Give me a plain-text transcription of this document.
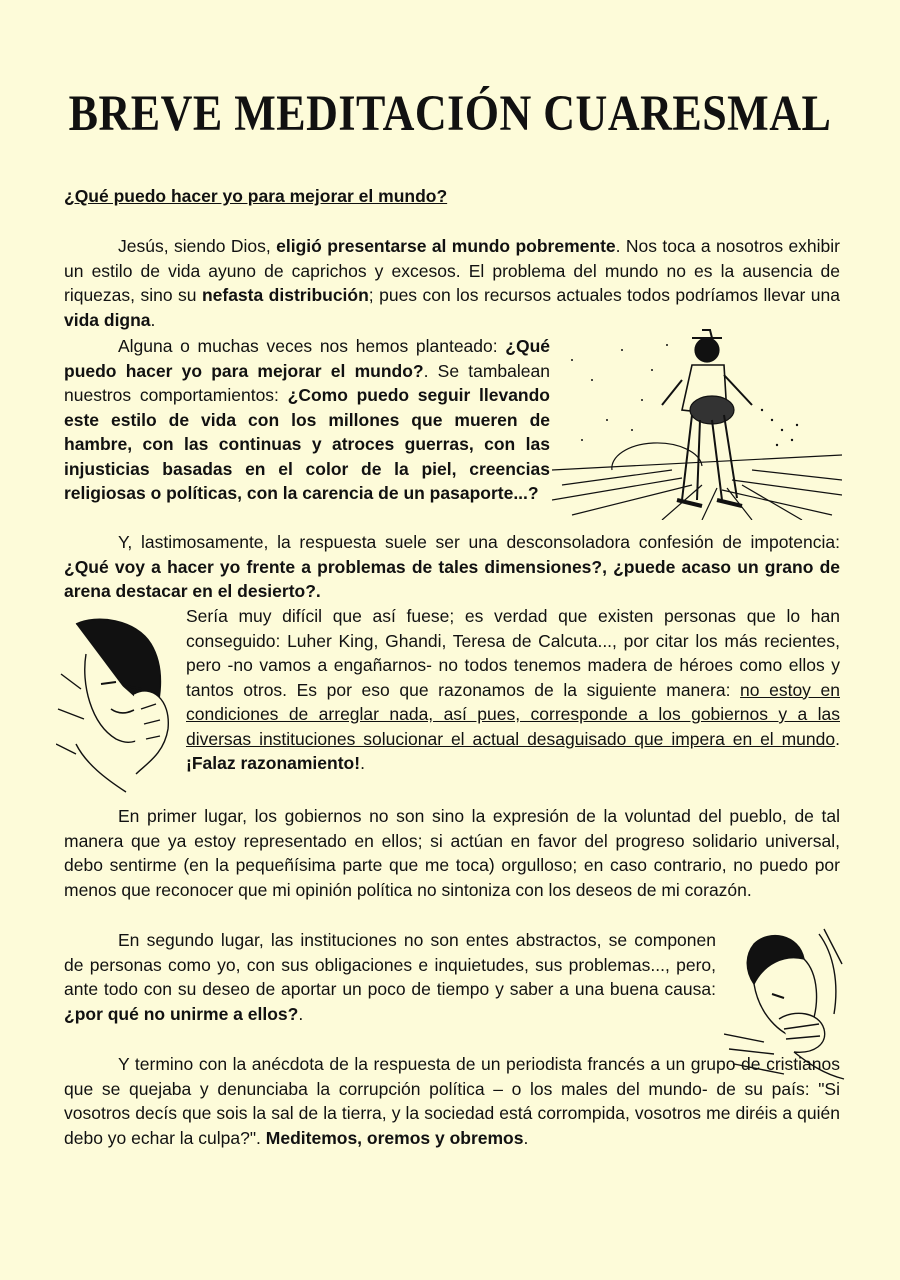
BREVE MEDITACIÓN CUARESMAL
¿Qué puedo hacer yo para mejorar el mundo?

Jesús, siendo Dios, eligió presentarse al mundo pobremente. Nos toca a nosotros exhibir un estilo de vida ayuno de caprichos y excesos. El problema del mundo no es la ausencia de riquezas, sino su nefasta distribución; pues con los recursos actuales todos podríamos llevar una vida digna.

Alguna o muchas veces nos hemos planteado: ¿Qué puedo hacer yo para mejorar el mundo?. Se tambalean nuestros comportamientos: ¿Como puedo seguir llevando este estilo de vida con los millones que mueren de hambre, con las continuas y atroces guerras, con las injusticias basadas en el color de la piel, creencias religiosas o políticas, con la carencia de un pasaporte...?

Y, lastimosamente, la respuesta suele ser una desconsoladora confesión de impotencia: ¿Qué voy a hacer yo frente a problemas de tales dimensiones?, ¿puede acaso un grano de arena destacar en el desierto?.

Sería muy difícil que así fuese; es verdad que existen personas que lo han conseguido: Luher King, Ghandi, Teresa de Calcuta..., por citar los más recientes, pero -no vamos a engañarnos- no todos tenemos madera de héroes como ellos y tantos otros. Es por eso que razonamos de la siguiente manera: no estoy en condiciones de arreglar nada, así pues, corresponde a los gobiernos y a las diversas instituciones solucionar el actual desaguisado que impera en el mundo. ¡Falaz razonamiento!.

En primer lugar, los gobiernos no son sino la expresión de la voluntad del pueblo, de tal manera que ya estoy representado en ellos; si actúan en favor del progreso solidario universal, debo sentirme (en la pequeñísima parte que me toca) orgulloso; en caso contrario, no puedo por menos que reconocer que mi opinión política no sintoniza con los deseos de mi corazón.

En segundo lugar, las instituciones no son entes abstractos, se componen de personas como yo, con sus obligaciones e inquietudes, sus problemas..., pero, ante todo con su deseo de aportar un poco de tiempo y saber a una buena causa: ¿por qué no unirme a ellos?.

Y termino con la anécdota de la respuesta de un periodista francés a un grupo de cristianos que se quejaba y denunciaba la corrupción política – o los males del mundo- de su país: "Si vosotros decís que sois la sal de la tierra, y la sociedad está corrompida, vosotros me diréis a quién debo yo echar la culpa?". Meditemos, oremos y obremos.
